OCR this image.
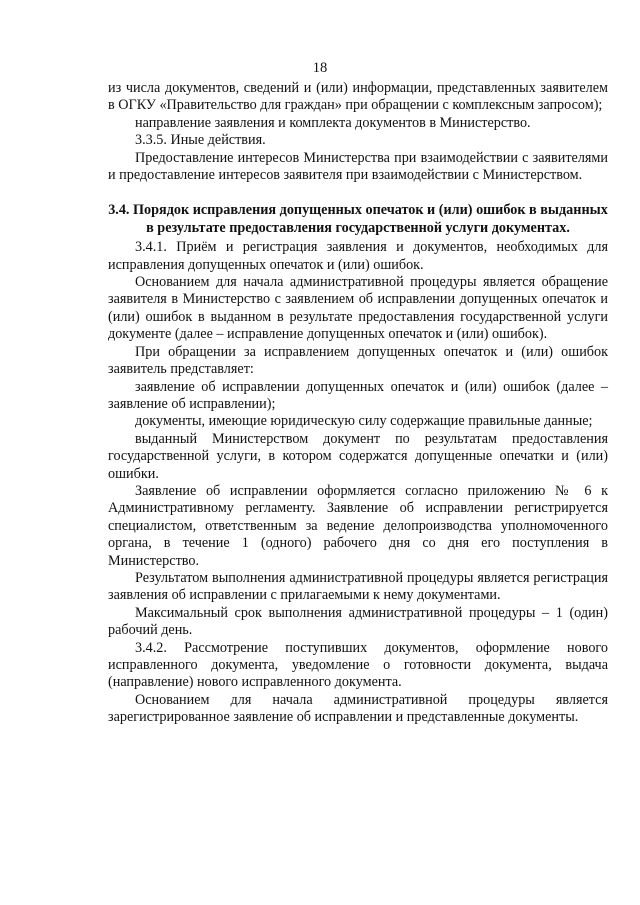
18

из числа документов, сведений и (или) информации, представленных заявителем в ОГКУ «Правительство для граждан» при обращении с комплексным запросом);

направление заявления и комплекта документов в Министерство.

3.3.5. Иные действия.

Предоставление интересов Министерства при взаимодействии с заявителями и предоставление интересов заявителя при взаимодействии с Министерством.

3.4. Порядок исправления допущенных опечаток и (или) ошибок в выданных в результате предоставления государственной услуги документах.

3.4.1. Приём и регистрация заявления и документов, необходимых для исправления допущенных опечаток и (или) ошибок.

Основанием для начала административной процедуры является обращение заявителя в Министерство с заявлением об исправлении допущенных опечаток и (или) ошибок в выданном в результате предоставления государственной услуги документе (далее – исправление допущенных опечаток и (или) ошибок).

При обращении за исправлением допущенных опечаток и (или) ошибок заявитель представляет:

заявление об исправлении допущенных опечаток и (или) ошибок (далее – заявление об исправлении);

документы, имеющие юридическую силу содержащие правильные данные;

выданный Министерством документ по результатам предоставления государственной услуги, в котором содержатся допущенные опечатки и (или) ошибки.

Заявление об исправлении оформляется согласно приложению № 6 к Административному регламенту. Заявление об исправлении регистрируется специалистом, ответственным за ведение делопроизводства уполномоченного органа, в течение 1 (одного) рабочего дня со дня его поступления в Министерство.

Результатом выполнения административной процедуры является регистрация заявления об исправлении с прилагаемыми к нему документами.

Максимальный срок выполнения административной процедуры – 1 (один) рабочий день.

3.4.2. Рассмотрение поступивших документов, оформление нового исправленного документа, уведомление о готовности документа, выдача (направление) нового исправленного документа.

Основанием для начала административной процедуры является зарегистрированное заявление об исправлении и представленные документы.
